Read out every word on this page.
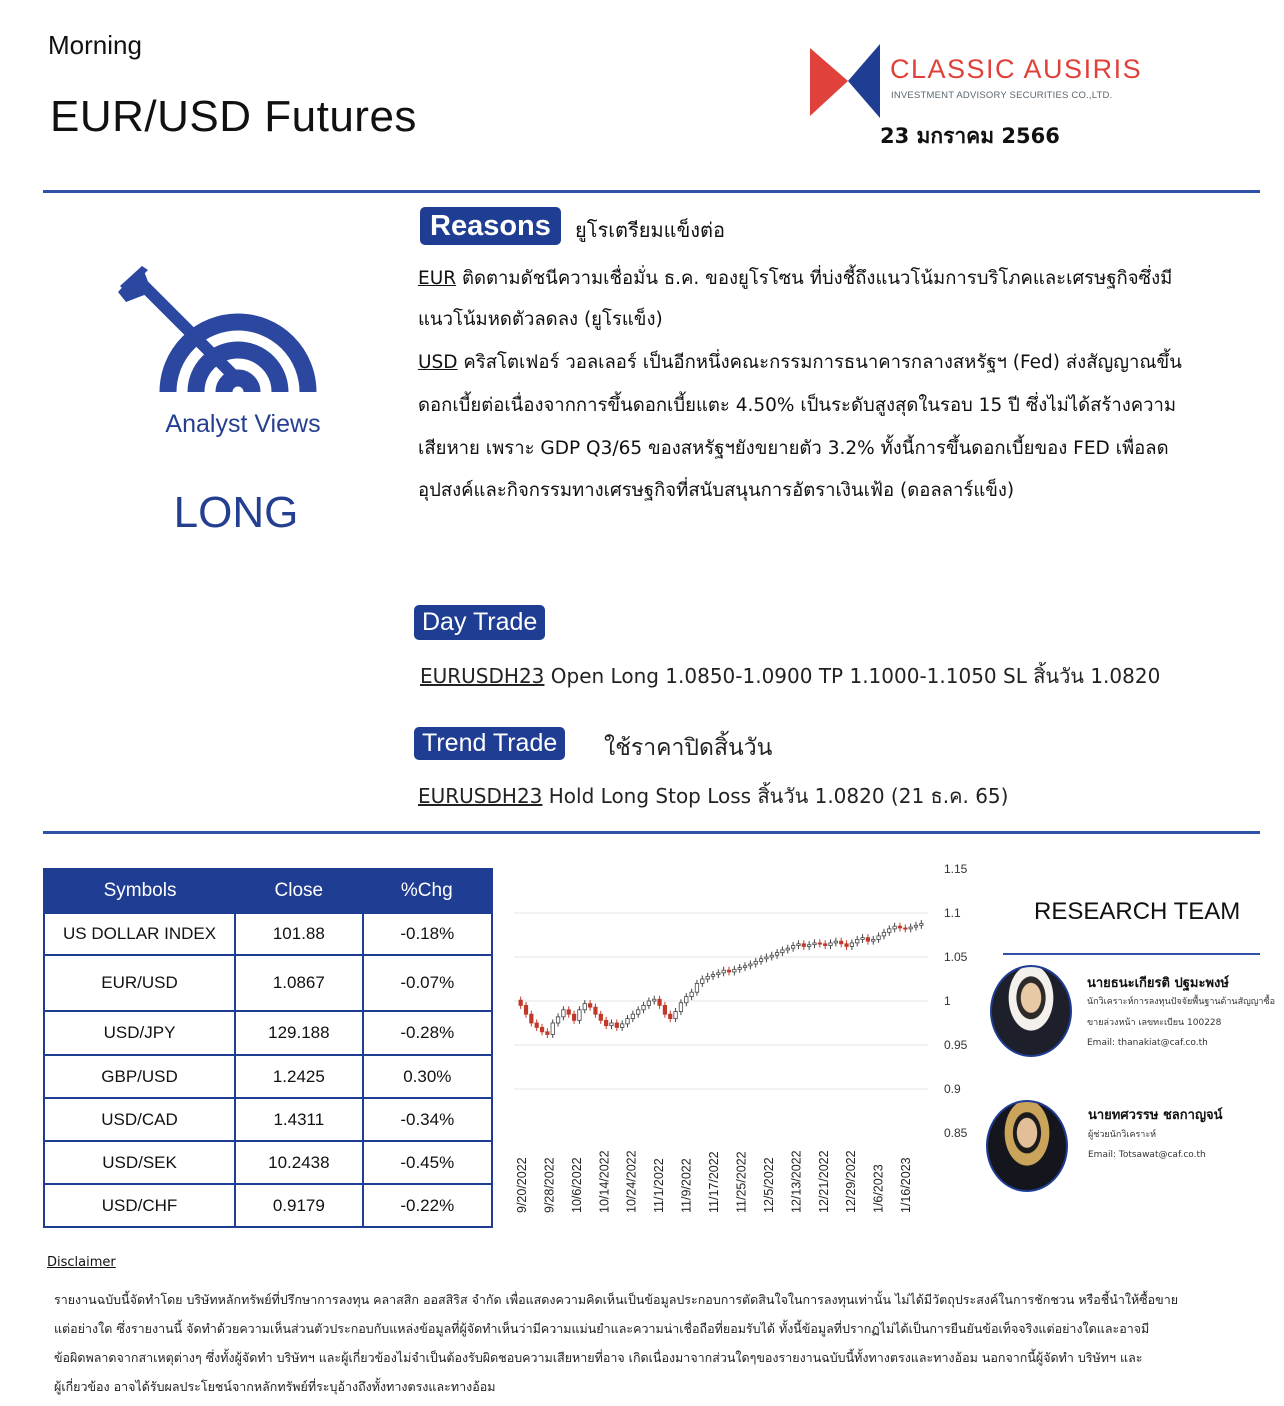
Morning
EUR/USD Futures
CLASSIC AUSIRIS
INVESTMENT ADVISORY SECURITIES CO.,LTD.
23 มกราคม 2566
Analyst Views
LONG
Reasons	ยูโรเตรียมแข็งต่อ
EUR ติดตามดัชนีความเชื่อมั่น ธ.ค. ของยูโรโซน ที่บ่งชี้ถึงแนวโน้มการบริโภคและเศรษฐกิจซึ่งมี
แนวโน้มหดตัวลดลง (ยูโรแข็ง)
USD คริสโตเฟอร์ วอลเลอร์ เป็นอีกหนึ่งคณะกรรมการธนาคารกลางสหรัฐฯ (Fed) ส่งสัญญาณขึ้น
ดอกเบี้ยต่อเนื่องจากการขึ้นดอกเบี้ยแตะ 4.50% เป็นระดับสูงสุดในรอบ 15 ปี ซึ่งไม่ได้สร้างความ
เสียหาย เพราะ GDP Q3/65 ของสหรัฐฯยังขยายตัว 3.2% ทั้งนี้การขึ้นดอกเบี้ยของ FED เพื่อลด
อุปสงค์และกิจกรรมทางเศรษฐกิจที่สนับสนุนการอัตราเงินเฟ้อ (ดอลลาร์แข็ง)
Day Trade
EURUSDH23 Open Long 1.0850-1.0900 TP 1.1000-1.1050 SL สิ้นวัน 1.0820
Trend Trade	ใช้ราคาปิดสิ้นวัน
EURUSDH23 Hold Long Stop Loss สิ้นวัน 1.0820 (21 ธ.ค. 65)
Symbols	Close	%Chg
US DOLLAR INDEX	101.88	-0.18%
EUR/USD	1.0867	-0.07%
USD/JPY	129.188	-0.28%
GBP/USD	1.2425	0.30%
USD/CAD	1.4311	-0.34%
USD/SEK	10.2438	-0.45%
USD/CHF	0.9179	-0.22%
1.15
1.1
1.05
1
0.95
0.9
0.85
9/20/2022 9/28/2022 10/6/2022 10/14/2022 10/24/2022 11/1/2022 11/9/2022 11/17/2022 11/25/2022 12/5/2022 12/13/2022 12/21/2022 12/29/2022 1/6/2023 1/16/2023
RESEARCH TEAM
นายธนะเกียรติ ปฐมะพงษ์
นักวิเคราะห์การลงทุนปัจจัยพื้นฐานด้านสัญญาซื้อ
ขายล่วงหน้า เลขทะเบียน 100228
Email: thanakiat@caf.co.th
นายทศวรรษ ชลกาญจน์
ผู้ช่วยนักวิเคราะห์
Email: Totsawat@caf.co.th
Disclaimer
รายงานฉบับนี้จัดทำโดย บริษัทหลักทรัพย์ที่ปรึกษาการลงทุน คลาสสิก ออสสิริส จำกัด เพื่อแสดงความคิดเห็นเป็นข้อมูลประกอบการตัดสินใจในการลงทุนเท่านั้น ไม่ได้มีวัตถุประสงค์ในการชักชวน หรือชี้นำให้ซื้อขาย
แต่อย่างใด ซึ่งรายงานนี้ จัดทำด้วยความเห็นส่วนตัวประกอบกับแหล่งข้อมูลที่ผู้จัดทำเห็นว่ามีความแม่นยำและความน่าเชื่อถือที่ยอมรับได้ ทั้งนี้ข้อมูลที่ปรากฏไม่ได้เป็นการยืนยันข้อเท็จจริงแต่อย่างใดและอาจมี
ข้อผิดพลาดจากสาเหตุต่างๆ ซึ่งทั้งผู้จัดทำ บริษัทฯ และผู้เกี่ยวข้องไม่จำเป็นต้องรับผิดชอบความเสียหายที่อาจ เกิดเนื่องมาจากส่วนใดๆของรายงานฉบับนี้ทั้งทางตรงและทางอ้อม นอกจากนี้ผู้จัดทำ บริษัทฯ และ
ผู้เกี่ยวข้อง อาจได้รับผลประโยชน์จากหลักทรัพย์ที่ระบุอ้างถึงทั้งทางตรงและทางอ้อม
